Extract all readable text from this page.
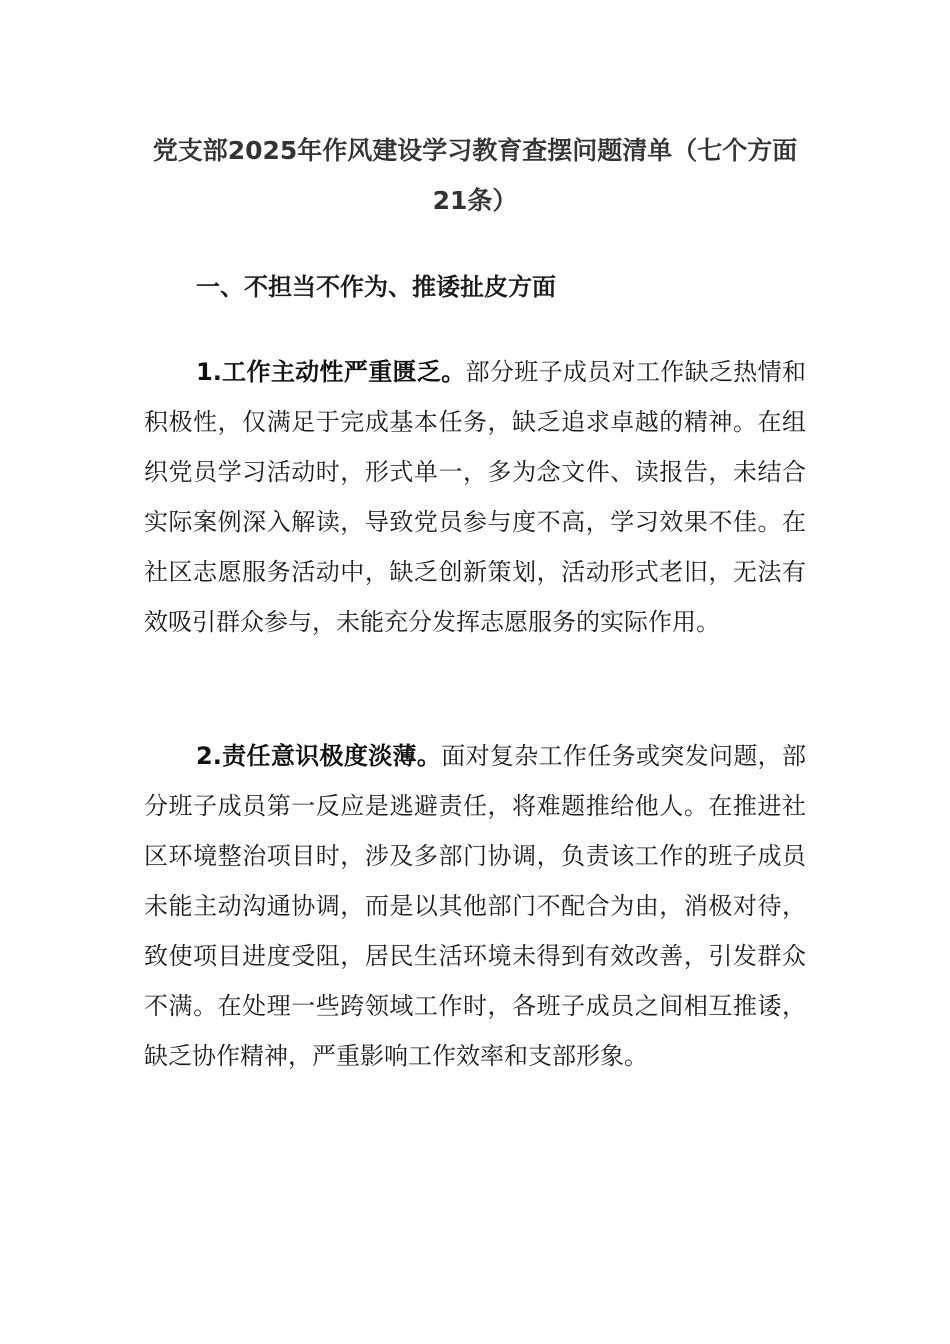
党支部2025年作风建设学习教育查摆问题清单（七个方面21条）
一、不担当不作为、推诿扯皮方面

1.工作主动性严重匮乏。部分班子成员对工作缺乏热情和积极性，仅满足于完成基本任务，缺乏追求卓越的精神。在组织党员学习活动时，形式单一，多为念文件、读报告，未结合实际案例深入解读，导致党员参与度不高，学习效果不佳。在社区志愿服务活动中，缺乏创新策划，活动形式老旧，无法有效吸引群众参与，未能充分发挥志愿服务的实际作用。

2.责任意识极度淡薄。面对复杂工作任务或突发问题，部分班子成员第一反应是逃避责任，将难题推给他人。在推进社区环境整治项目时，涉及多部门协调，负责该工作的班子成员未能主动沟通协调，而是以其他部门不配合为由，消极对待，致使项目进度受阻，居民生活环境未得到有效改善，引发群众不满。在处理一些跨领域工作时，各班子成员之间相互推诿，缺乏协作精神，严重影响工作效率和支部形象。
